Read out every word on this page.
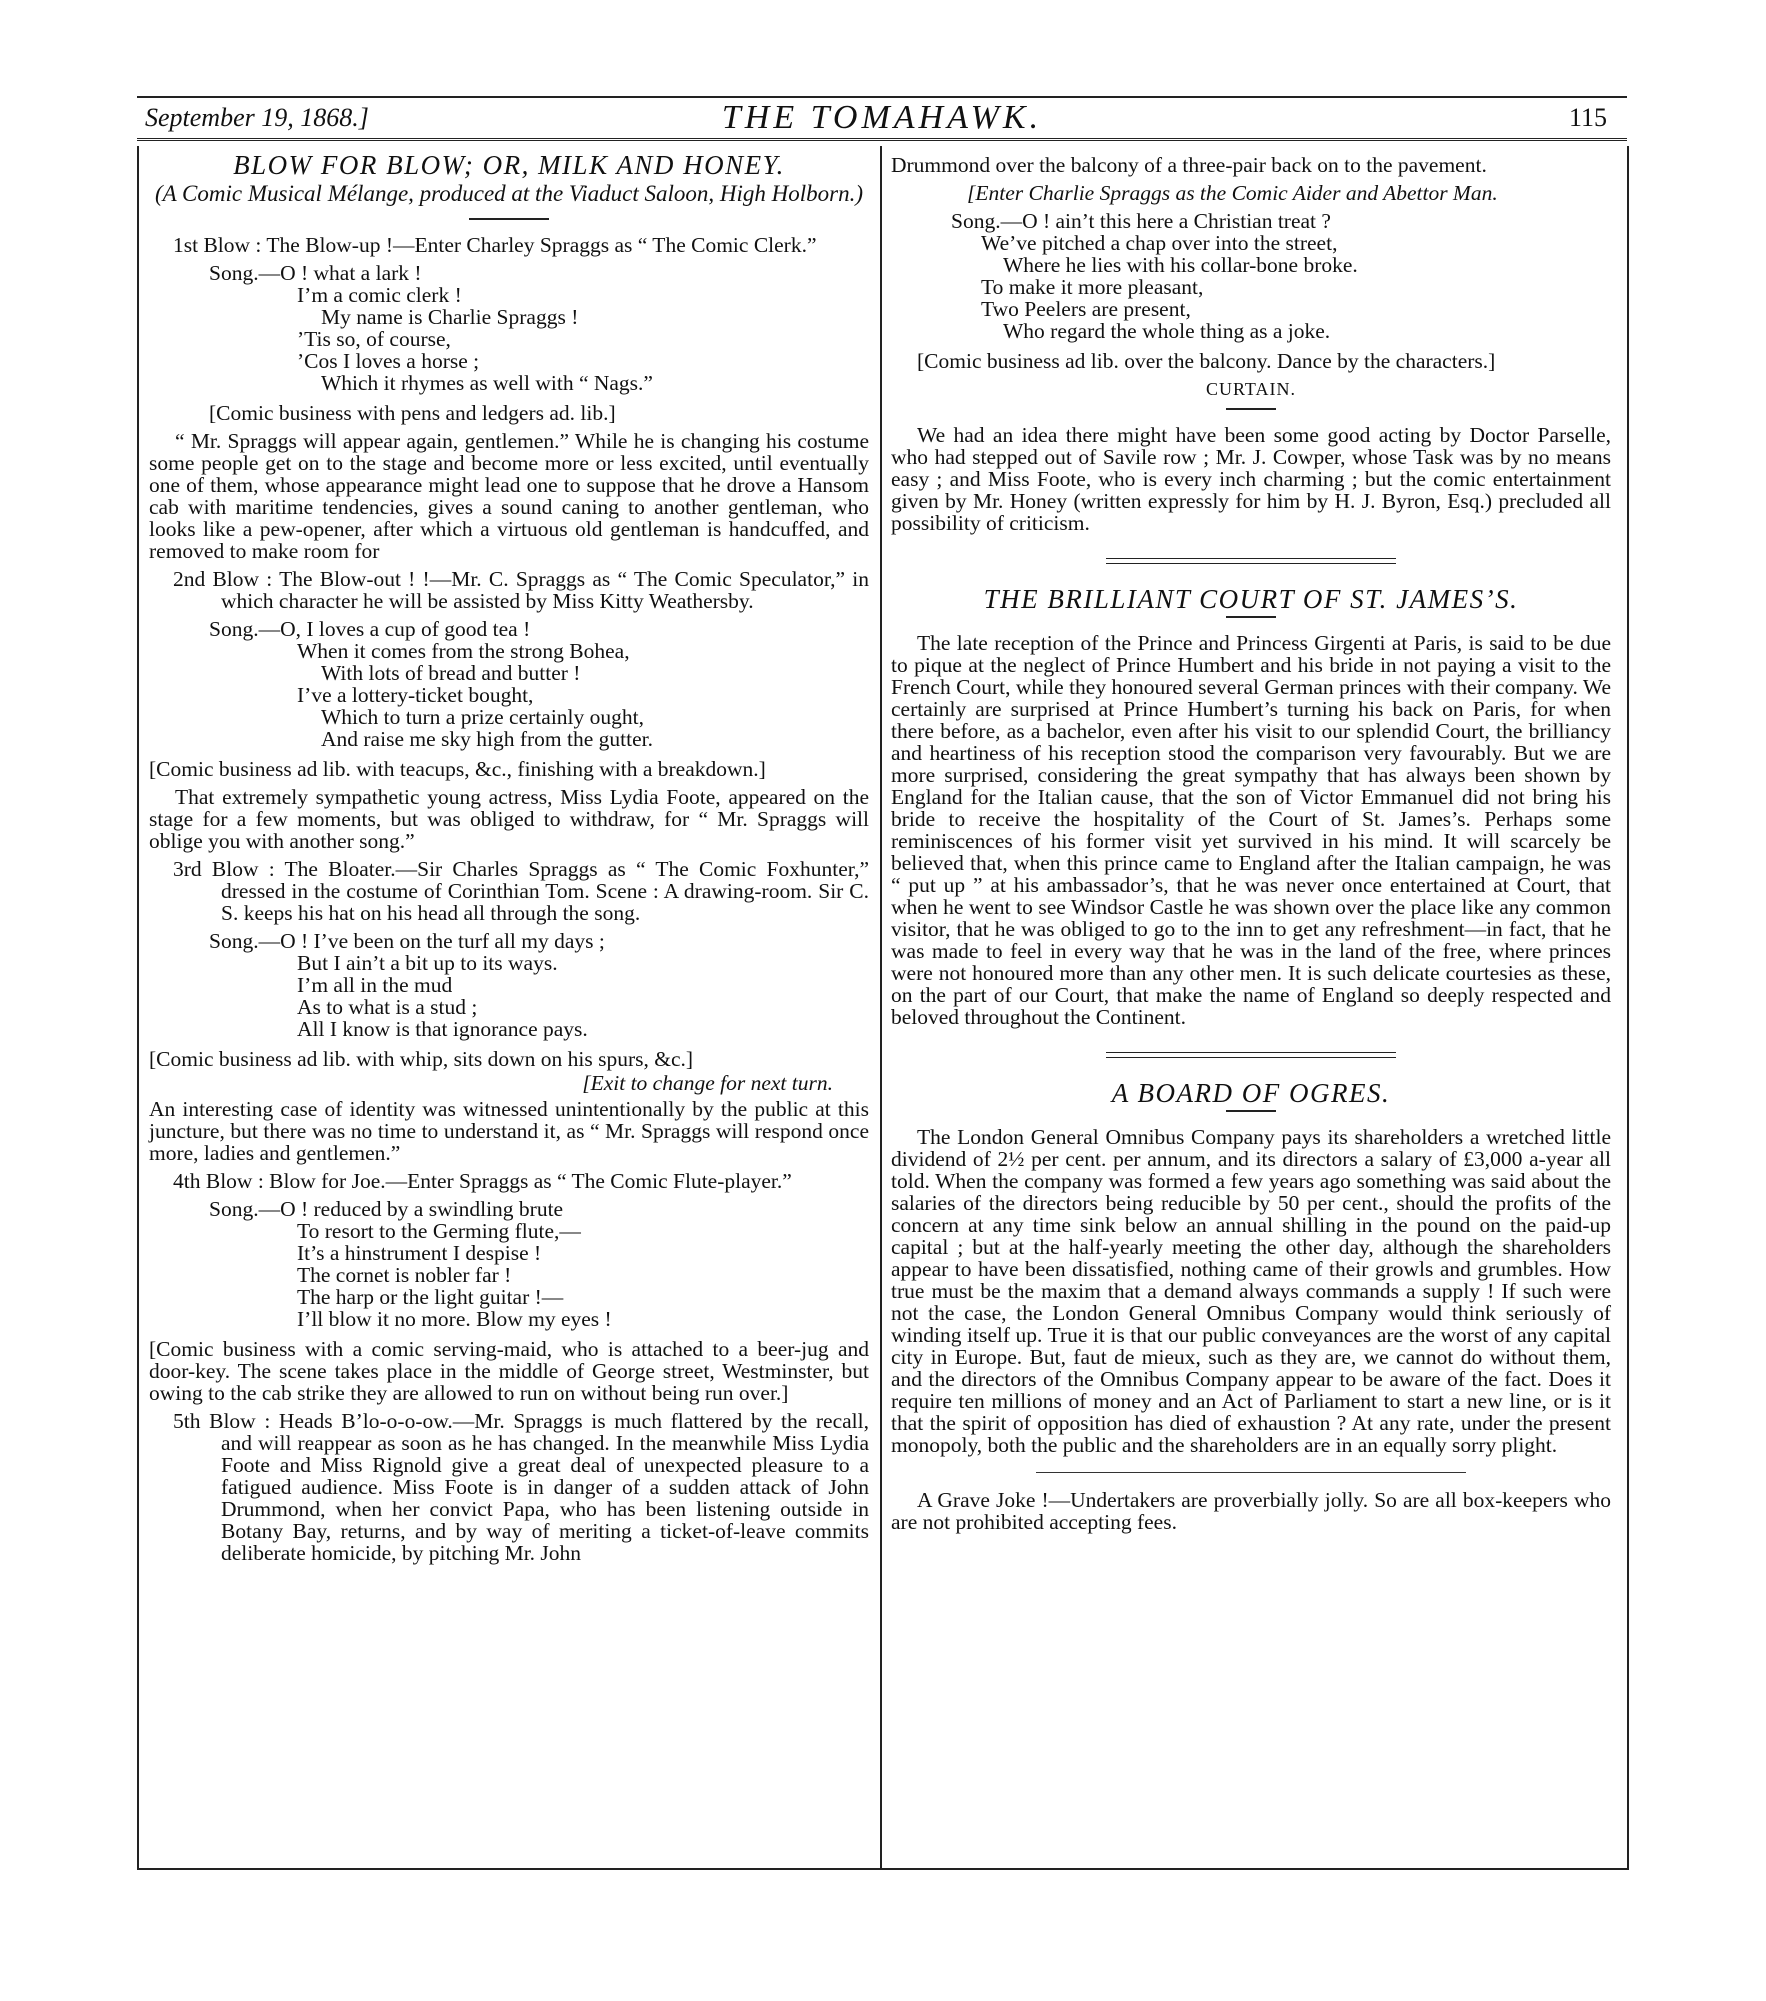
September 19, 1868.]	THE TOMAHAWK.	115
BLOW FOR BLOW; OR, MILK AND HONEY.
(A Comic Musical Mélange, produced at the Viaduct Saloon, High Holborn.)

1st Blow : The Blow-up !—Enter Charley Spraggs as “ The Comic Clerk.”

Song.—O ! what a lark !
I’m a comic clerk !
My name is Charlie Spraggs !
’Tis so, of course,
’Cos I loves a horse ;
Which it rhymes as well with “ Nags.”

[Comic business with pens and ledgers ad. lib.]

“ Mr. Spraggs will appear again, gentlemen.” While he is changing his costume some people get on to the stage and become more or less excited, until eventually one of them, whose appearance might lead one to suppose that he drove a Hansom cab with maritime tendencies, gives a sound caning to another gentleman, who looks like a pew-opener, after which a virtuous old gentleman is handcuffed, and removed to make room for

2nd Blow : The Blow-out ! !—Mr. C. Spraggs as “ The Comic Speculator,” in which character he will be assisted by Miss Kitty Weathersby.

Song.—O, I loves a cup of good tea !
When it comes from the strong Bohea,
With lots of bread and butter !
I’ve a lottery-ticket bought,
Which to turn a prize certainly ought,
And raise me sky high from the gutter.

[Comic business ad lib. with teacups, &c., finishing with a breakdown.]

That extremely sympathetic young actress, Miss Lydia Foote, appeared on the stage for a few moments, but was obliged to withdraw, for “ Mr. Spraggs will oblige you with another song.”

3rd Blow : The Bloater.—Sir Charles Spraggs as “ The Comic Foxhunter,” dressed in the costume of Corinthian Tom. Scene : A drawing-room. Sir C. S. keeps his hat on his head all through the song.

Song.—O ! I’ve been on the turf all my days ;
But I ain’t a bit up to its ways.
I’m all in the mud
As to what is a stud ;
All I know is that ignorance pays.

[Comic business ad lib. with whip, sits down on his spurs, &c.]

[Exit to change for next turn.

An interesting case of identity was witnessed unintentionally by the public at this juncture, but there was no time to understand it, as “ Mr. Spraggs will respond once more, ladies and gentlemen.”

4th Blow : Blow for Joe.—Enter Spraggs as “ The Comic Flute-player.”

Song.—O ! reduced by a swindling brute
To resort to the Germing flute,—
It’s a hinstrument I despise !
The cornet is nobler far !
The harp or the light guitar !—
I’ll blow it no more. Blow my eyes !

[Comic business with a comic serving-maid, who is attached to a beer-jug and door-key. The scene takes place in the middle of George street, Westminster, but owing to the cab strike they are allowed to run on without being run over.]

5th Blow : Heads B’lo-o-o-ow.—Mr. Spraggs is much flattered by the recall, and will reappear as soon as he has changed. In the meanwhile Miss Lydia Foote and Miss Rignold give a great deal of unexpected pleasure to a fatigued audience. Miss Foote is in danger of a sudden attack of John Drummond, when her convict Papa, who has been listening outside in Botany Bay, returns, and by way of meriting a ticket-of-leave commits deliberate homicide, by pitching Mr. John

Drummond over the balcony of a three-pair back on to the pavement.

[Enter Charlie Spraggs as the Comic Aider and Abettor Man.

Song.—O ! ain’t this here a Christian treat ?
We’ve pitched a chap over into the street,
Where he lies with his collar-bone broke.
To make it more pleasant,
Two Peelers are present,
Who regard the whole thing as a joke.

[Comic business ad lib. over the balcony. Dance by the characters.]

CURTAIN.

We had an idea there might have been some good acting by Doctor Parselle, who had stepped out of Savile row ; Mr. J. Cowper, whose Task was by no means easy ; and Miss Foote, who is every inch charming ; but the comic entertainment given by Mr. Honey (written expressly for him by H. J. Byron, Esq.) precluded all possibility of criticism.

THE BRILLIANT COURT OF ST. JAMES’S.

The late reception of the Prince and Princess Girgenti at Paris, is said to be due to pique at the neglect of Prince Humbert and his bride in not paying a visit to the French Court, while they honoured several German princes with their company. We certainly are surprised at Prince Humbert’s turning his back on Paris, for when there before, as a bachelor, even after his visit to our splendid Court, the brilliancy and heartiness of his reception stood the comparison very favourably. But we are more surprised, considering the great sympathy that has always been shown by England for the Italian cause, that the son of Victor Emmanuel did not bring his bride to receive the hospitality of the Court of St. James’s. Perhaps some reminiscences of his former visit yet survived in his mind. It will scarcely be believed that, when this prince came to England after the Italian campaign, he was “ put up ” at his ambassador’s, that he was never once entertained at Court, that when he went to see Windsor Castle he was shown over the place like any common visitor, that he was obliged to go to the inn to get any refreshment—in fact, that he was made to feel in every way that he was in the land of the free, where princes were not honoured more than any other men. It is such delicate courtesies as these, on the part of our Court, that make the name of England so deeply respected and beloved throughout the Continent.

A BOARD OF OGRES.

The London General Omnibus Company pays its shareholders a wretched little dividend of 2½ per cent. per annum, and its directors a salary of £3,000 a-year all told. When the company was formed a few years ago something was said about the salaries of the directors being reducible by 50 per cent., should the profits of the concern at any time sink below an annual shilling in the pound on the paid-up capital ; but at the half-yearly meeting the other day, although the shareholders appear to have been dissatisfied, nothing came of their growls and grumbles. How true must be the maxim that a demand always commands a supply ! If such were not the case, the London General Omnibus Company would think seriously of winding itself up. True it is that our public conveyances are the worst of any capital city in Europe. But, faut de mieux, such as they are, we cannot do without them, and the directors of the Omnibus Company appear to be aware of the fact. Does it require ten millions of money and an Act of Parliament to start a new line, or is it that the spirit of opposition has died of exhaustion ? At any rate, under the present monopoly, both the public and the shareholders are in an equally sorry plight.

A Grave Joke !—Undertakers are proverbially jolly. So are all box-keepers who are not prohibited accepting fees.
